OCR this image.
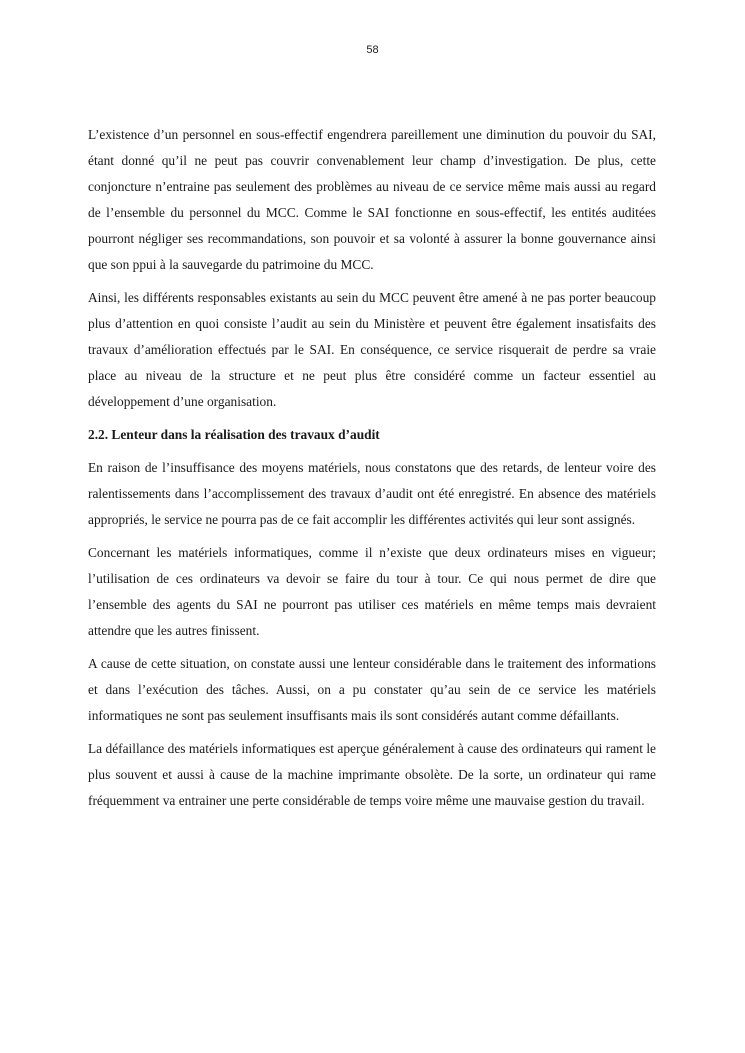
58

L’existence d’un personnel en sous-effectif engendrera pareillement une diminution du pouvoir du SAI, étant donné qu’il ne peut pas couvrir convenablement leur champ d’investigation. De plus, cette conjoncture n’entraine pas seulement des problèmes au niveau de ce service même mais aussi au regard de l’ensemble du personnel du MCC. Comme le SAI fonctionne en sous-effectif, les entités auditées pourront négliger ses recommandations, son pouvoir et sa volonté à assurer la bonne gouvernance ainsi que son ppui à la sauvegarde du patrimoine du MCC.

Ainsi, les différents responsables existants au sein du MCC peuvent être amené à ne pas porter beaucoup plus d’attention en quoi consiste l’audit au sein du Ministère et peuvent être également insatisfaits des travaux d’amélioration effectués par le SAI. En conséquence, ce service risquerait de perdre sa vraie place au niveau de la structure et ne peut plus être considéré comme un facteur essentiel au développement d’une organisation.

2.2. Lenteur dans la réalisation des travaux d’audit

En raison de l’insuffisance des moyens matériels, nous constatons que des retards, de lenteur voire des ralentissements dans l’accomplissement des travaux d’audit ont été enregistré. En absence des matériels appropriés, le service ne pourra pas de ce fait accomplir les différentes activités qui leur sont assignés.

Concernant les matériels informatiques, comme il n’existe que deux ordinateurs mises en vigueur; l’utilisation de ces ordinateurs va devoir se faire du tour à tour. Ce qui nous permet de dire que l’ensemble des agents du SAI ne pourront pas utiliser ces matériels en même temps mais devraient attendre que les autres finissent.

A cause de cette situation, on constate aussi une lenteur considérable dans le traitement des informations et dans l’exécution des tâches. Aussi, on a pu constater qu’au sein de ce service les matériels informatiques ne sont pas seulement insuffisants mais ils sont considérés autant comme défaillants.

La défaillance des matériels informatiques est aperçue généralement à cause des ordinateurs qui rament le plus souvent et aussi à cause de la machine imprimante obsolète. De la sorte, un ordinateur qui rame fréquemment va entrainer une perte considérable de temps voire même une mauvaise gestion du travail.
